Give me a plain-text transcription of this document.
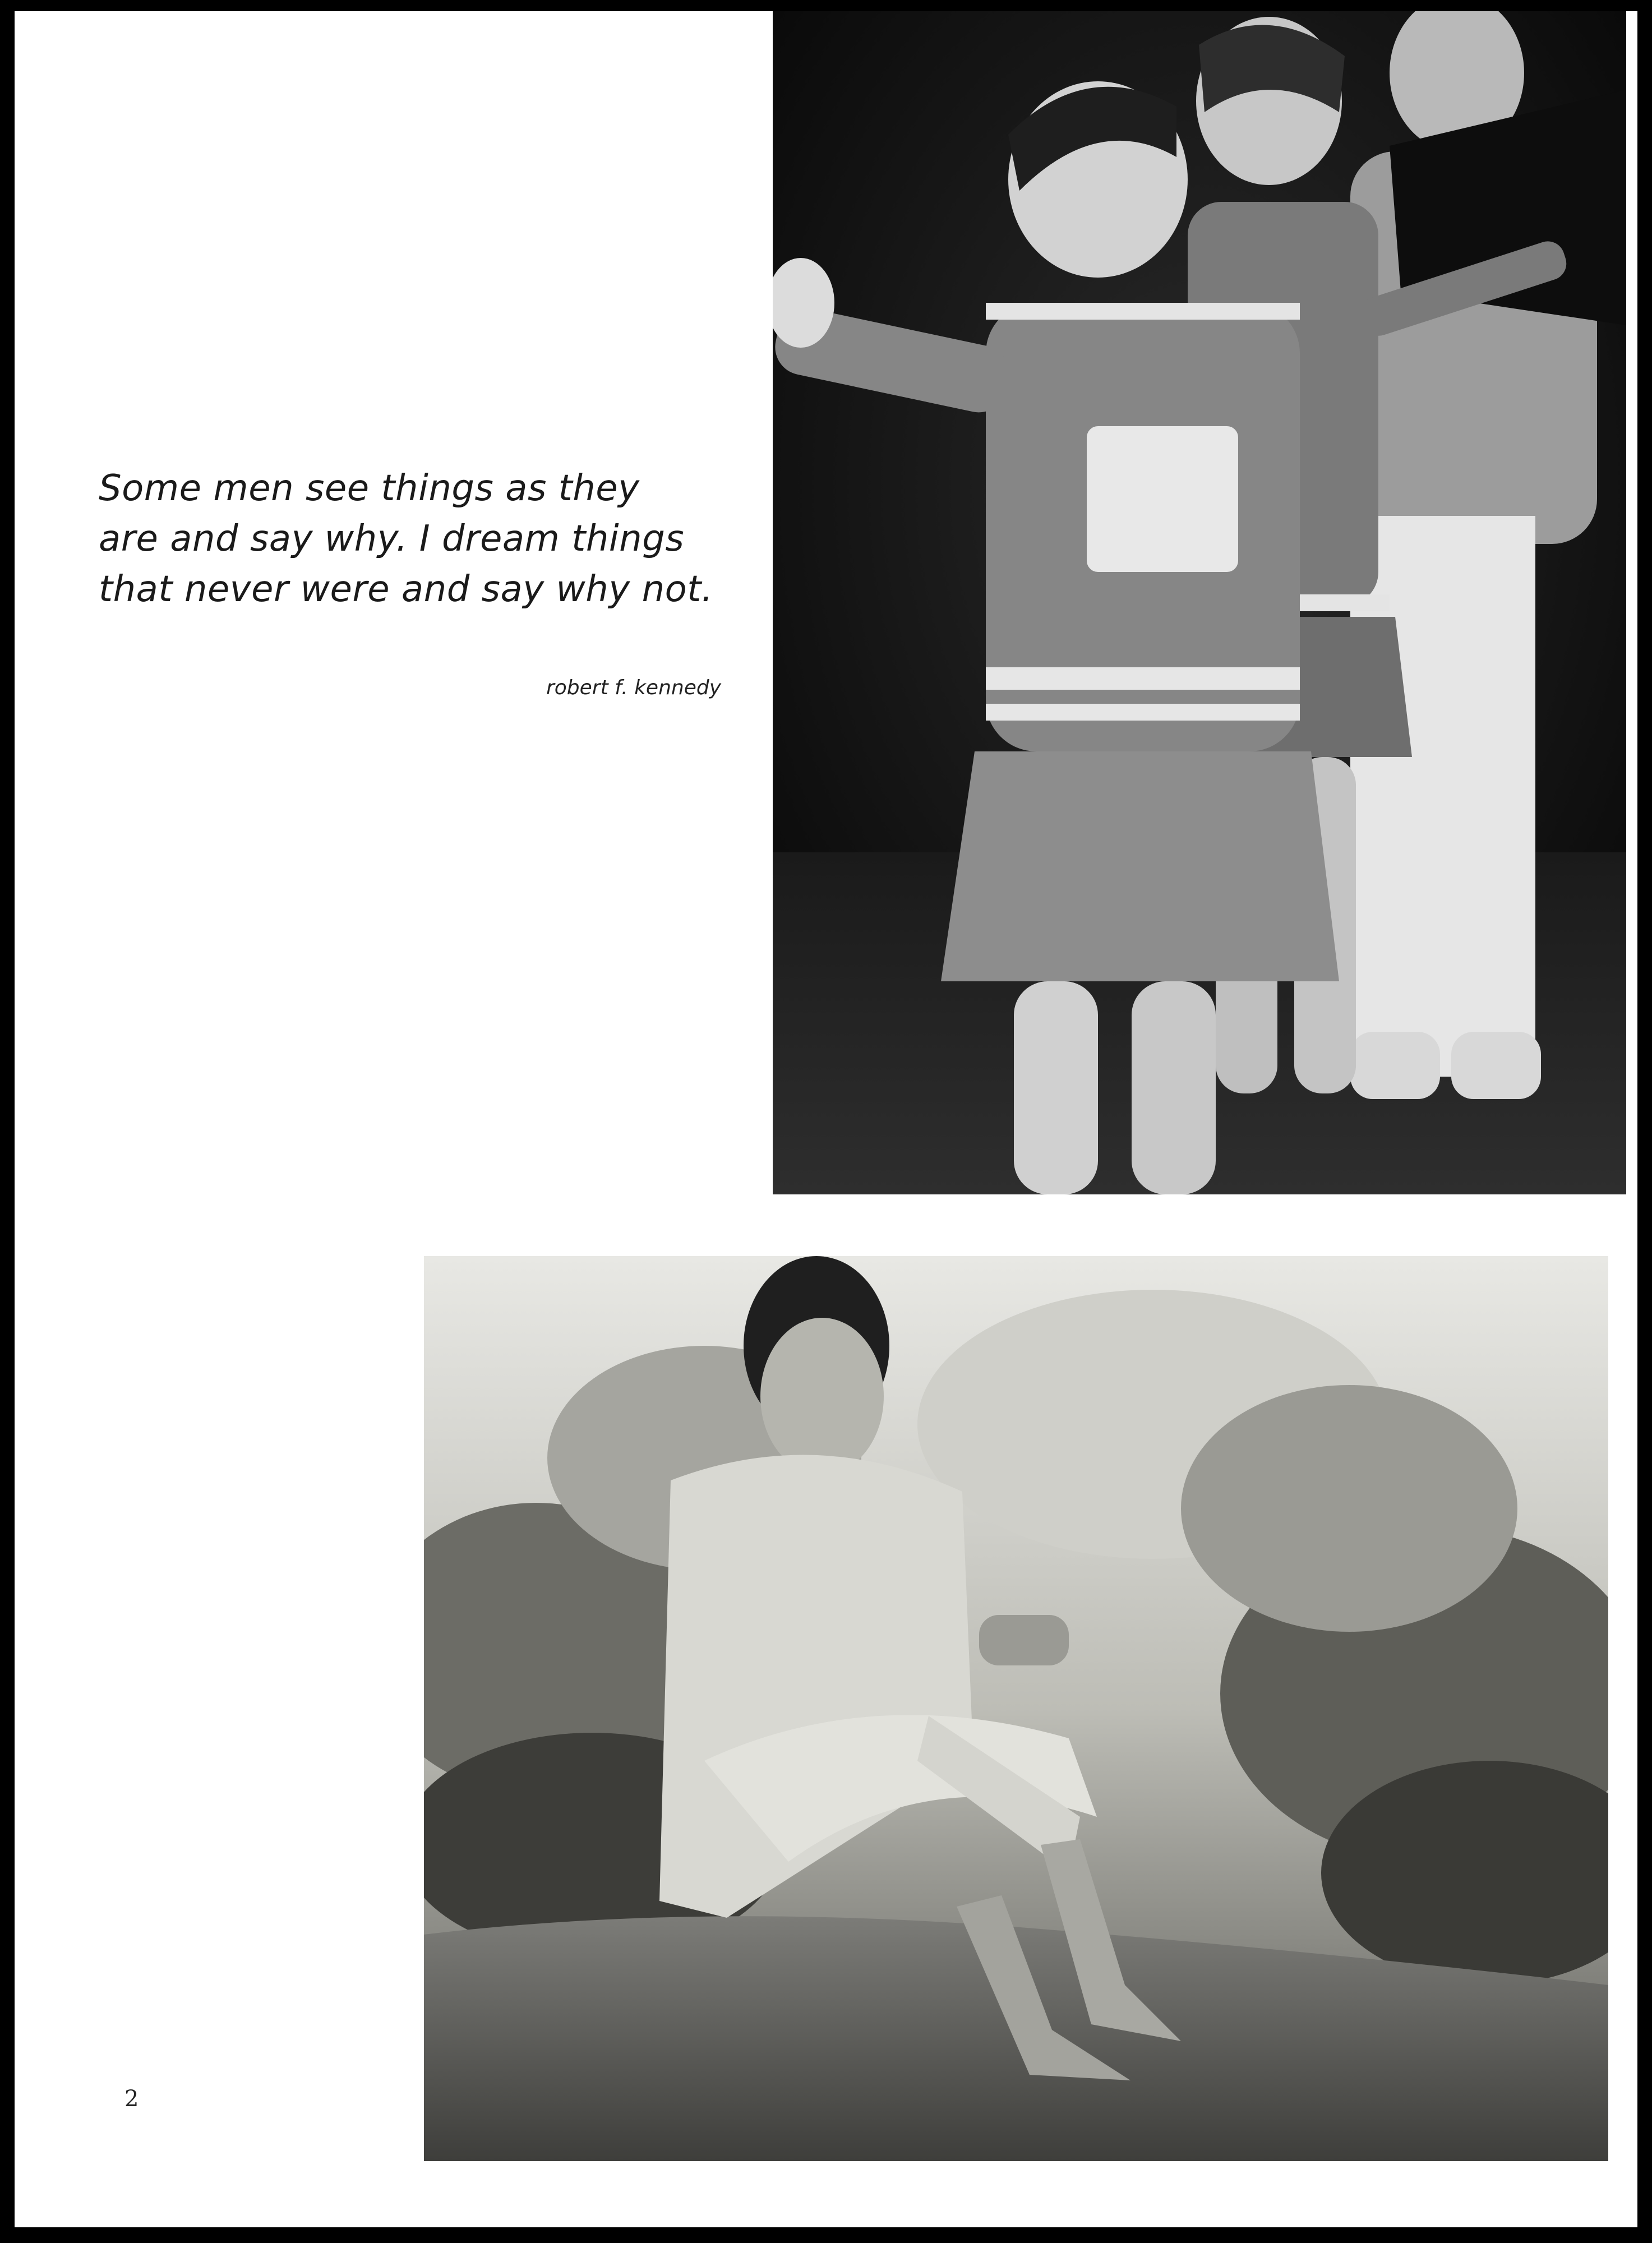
Some men see things as they
are and say why. I dream things
that never were and say why not.
robert f. kennedy
2
